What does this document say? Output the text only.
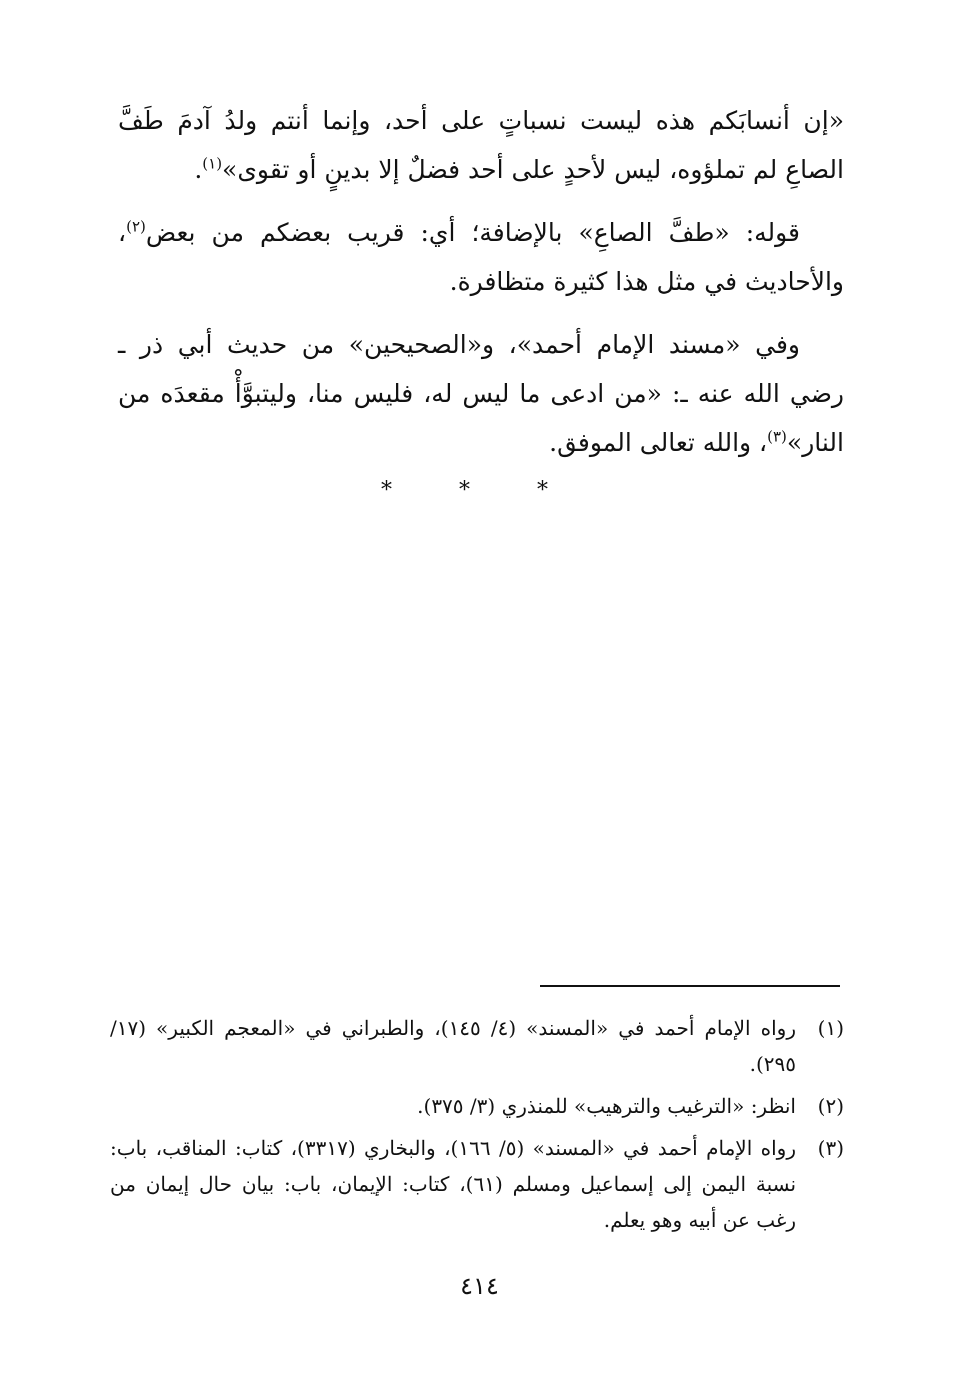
«إن أنسابَكم هذه ليست نسباتٍ على أحد، وإنما أنتم ولدُ آدمَ طَفَّ الصاعِ لم تملؤوه، ليس لأحدٍ على أحد فضلٌ إلا بدينٍ أو تقوى»$^{(١)}$.

قوله: «طفَّ الصاعِ» بالإضافة؛ أي: قريب بعضكم من بعض$^{(٢)}$، والأحاديث في مثل هذا كثيرة متظافرة.

وفي «مسند الإمام أحمد»، و«الصحيحين» من حديث أبي ذر ـ رضي الله عنه ـ: «من ادعى ما ليس له، فليس منا، وليتبوَّأْ مقعدَه من النار»$^{(٣)}$، والله تعالى الموفق.

* * *
(١)
رواه الإمام أحمد في «المسند» (٤/ ١٤٥)، والطبراني في «المعجم الكبير» (١٧/ ٢٩٥).
(٢)
انظر: «الترغيب والترهيب» للمنذري (٣/ ٣٧٥).
(٣)
رواه الإمام أحمد في «المسند» (٥/ ١٦٦)، والبخاري (٣٣١٧)، كتاب: المناقب، باب: نسبة اليمن إلى إسماعيل ومسلم (٦١)، كتاب: الإيمان، باب: بيان حال إيمان من رغب عن أبيه وهو يعلم.
٤١٤
